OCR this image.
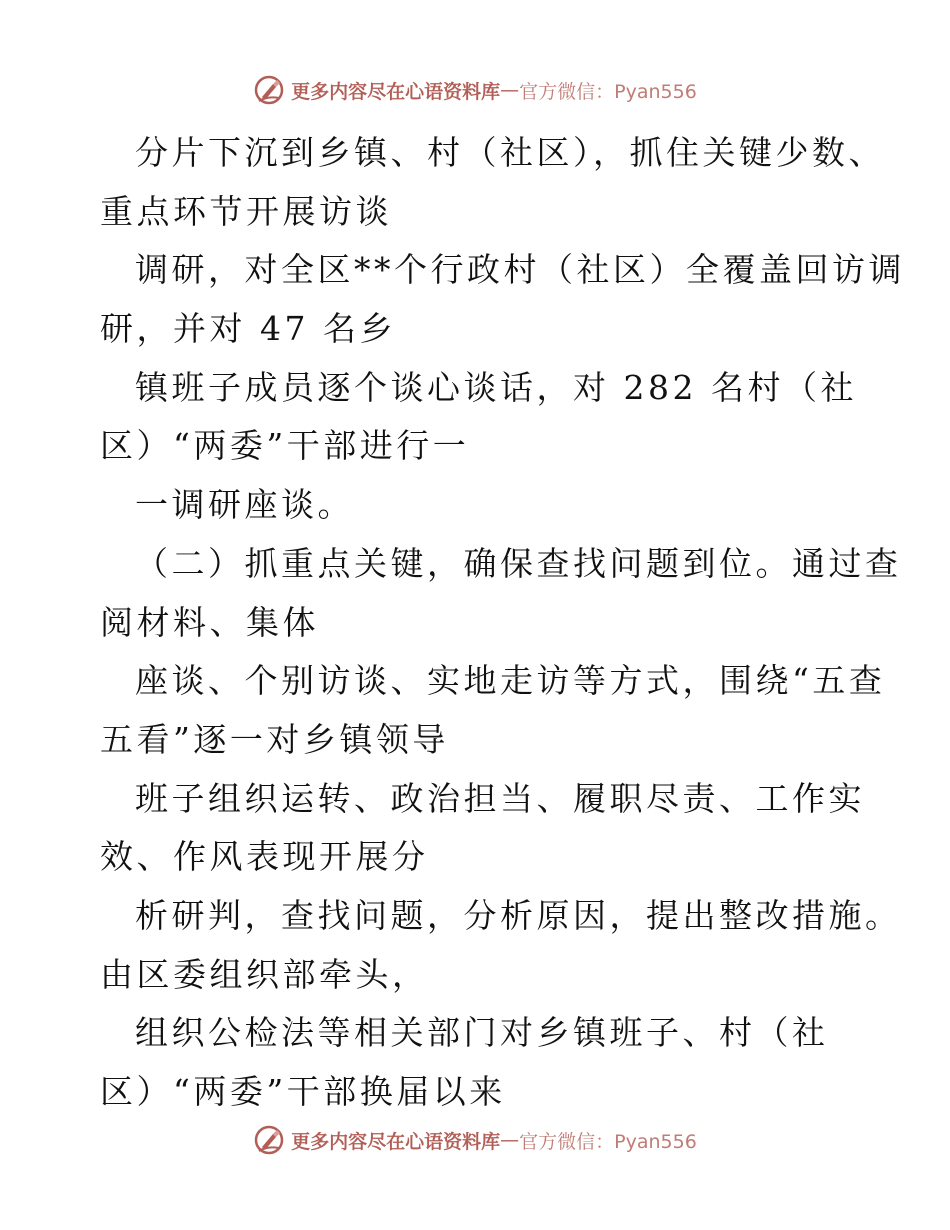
更多内容尽在心语资料库 — 官方微信：Pyan556
分片下沉到乡镇、村（社区），抓住关键少数、
重点环节开展访谈
调研，对全区**个行政村（社区）全覆盖回访调
研，并对 47 名乡
镇班子成员逐个谈心谈话，对 282 名村（社
区）“两委”干部进行一
一调研座谈。
（二）抓重点关键，确保查找问题到位。通过查
阅材料、集体
座谈、个别访谈、实地走访等方式，围绕“五查
五看”逐一对乡镇领导
班子组织运转、政治担当、履职尽责、工作实
效、作风表现开展分
析研判，查找问题，分析原因，提出整改措施。
由区委组织部牵头，
组织公检法等相关部门对乡镇班子、村（社
区）“两委”干部换届以来
更多内容尽在心语资料库 — 官方微信：Pyan556
